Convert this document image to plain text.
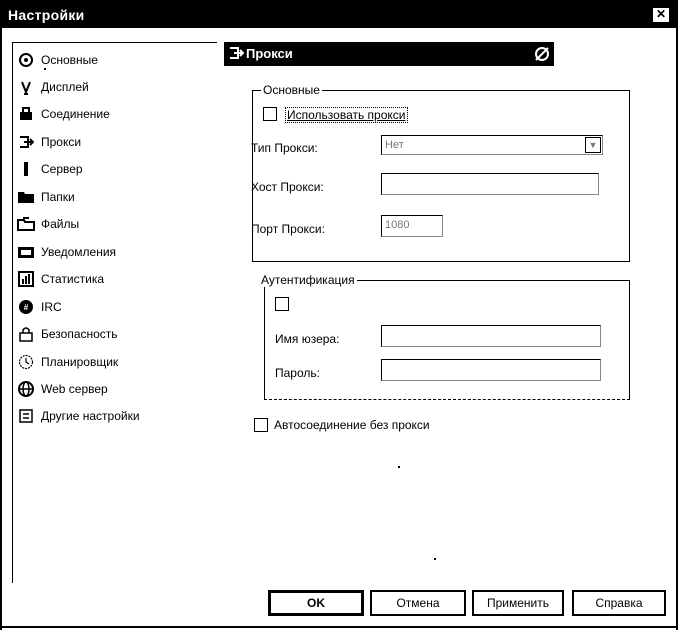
Настройки	✕
Основные
Дисплей
Соединение
Прокси
Сервер
Папки
Файлы
Уведомления
Статистика
# IRC
Безопасность
Планировщик
Web сервер
Другие настройки
Прокси
Основные
Использовать прокси
Тип Прокси:	Нет	▼
Хост Прокси:
Порт Прокси:	1080
Аутентификация
Имя юзера:
Пароль:
Автосоединение без прокси
OK	Отмена	Применить	Справка
